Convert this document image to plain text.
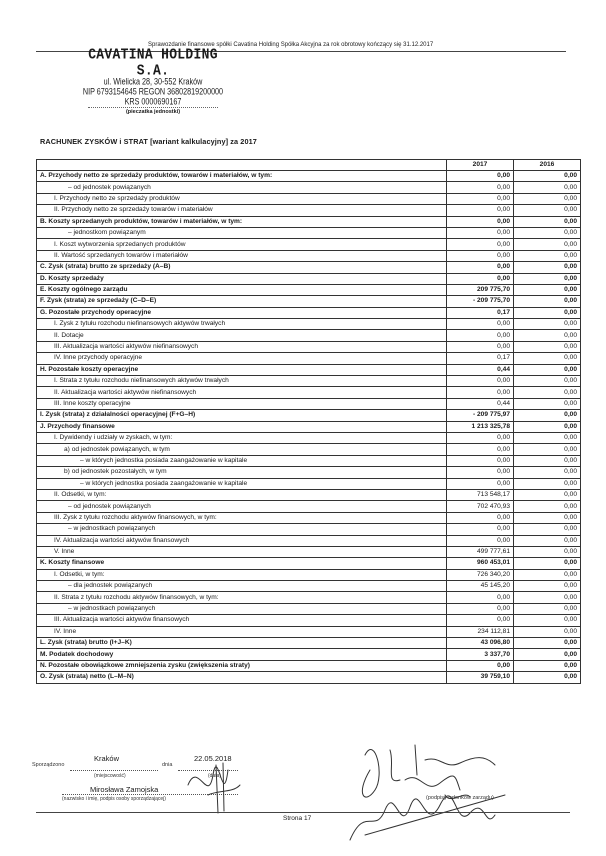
Sprawozdanie finansowe spółki Cavatina Holding Spółka Akcyjna za rok obrotowy kończący się 31.12.2017
CAVATINA HOLDING S.A.
ul. Wielicka 28, 30-552 Kraków
NIP 6793154645 REGON 36802819200000
KRS 0000690167
(pieczatka jednostki)
RACHUNEK ZYSKÓW i STRAT [wariant kalkulacyjny] za 2017
	2017	2016
A. Przychody netto ze sprzedaży produktów, towarów i materiałów, w tym:	0,00	0,00
– od jednostek powiązanych	0,00	0,00
I. Przychody netto ze sprzedaży produktów	0,00	0,00
II. Przychody netto ze sprzedaży towarów i materiałów	0,00	0,00
B. Koszty sprzedanych produktów, towarów i materiałów, w tym:	0,00	0,00
– jednostkom powiązanym	0,00	0,00
I. Koszt wytworzenia sprzedanych produktów	0,00	0,00
II. Wartość sprzedanych towarów i materiałów	0,00	0,00
C. Zysk (strata) brutto ze sprzedaży (A–B)	0,00	0,00
D. Koszty sprzedaży	0,00	0,00
E. Koszty ogólnego zarządu	209 775,70	0,00
F. Zysk (strata) ze sprzedaży (C–D–E)	- 209 775,70	0,00
G. Pozostałe przychody operacyjne	0,17	0,00
I. Zysk z tytułu rozchodu niefinansowych aktywów trwałych	0,00	0,00
II. Dotacje	0,00	0,00
III. Aktualizacja wartości aktywów niefinansowych	0,00	0,00
IV. Inne przychody operacyjne	0,17	0,00
H. Pozostałe koszty operacyjne	0,44	0,00
I. Strata z tytułu rozchodu niefinansowych aktywów trwałych	0,00	0,00
II. Aktualizacja wartości aktywów niefinansowych	0,00	0,00
III. Inne koszty operacyjne	0,44	0,00
I. Zysk (strata) z działalności operacyjnej (F+G–H)	- 209 775,97	0,00
J. Przychody finansowe	1 213 325,78	0,00
I. Dywidendy i udziały w zyskach, w tym:	0,00	0,00
a) od jednostek powiązanych, w tym	0,00	0,00
– w których jednostka posiada zaangażowanie w kapitale	0,00	0,00
b) od jednostek pozostałych, w tym	0,00	0,00
– w których jednostka posiada zaangażowanie w kapitale	0,00	0,00
II. Odsetki, w tym:	713 548,17	0,00
– od jednostek powiązanych	702 470,93	0,00
III. Zysk z tytułu rozchodu aktywów finansowych, w tym:	0,00	0,00
– w jednostkach powiązanych	0,00	0,00
IV. Aktualizacja wartości aktywów finansowych	0,00	0,00
V. Inne	499 777,61	0,00
K. Koszty finansowe	960 453,01	0,00
I. Odsetki, w tym:	726 340,20	0,00
– dla jednostek powiązanych	45 145,20	0,00
II. Strata z tytułu rozchodu aktywów finansowych, w tym:	0,00	0,00
– w jednostkach powiązanych	0,00	0,00
III. Aktualizacja wartości aktywów finansowych	0,00	0,00
IV. Inne	234 112,81	0,00
L. Zysk (strata) brutto (I+J–K)	43 096,80	0,00
M. Podatek dochodowy	3 337,70	0,00
N. Pozostałe obowiązkowe zmniejszenia zysku (zwiększenia straty)	0,00	0,00
O. Zysk (strata) netto (L–M–N)	39 759,10	0,00
Sporządzono
Kraków
(miejscowość)
dnia
22.05.2018
(data)
Mirosława Zamojska
(nazwisko i imię, podpis osoby sporządzającej)	(podpisy członków zarządu)
Strona 17
